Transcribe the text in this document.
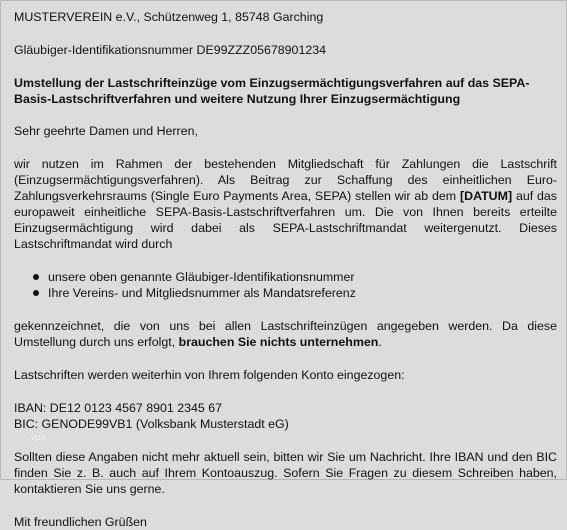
MUSTERVEREIN e.V., Schützenweg 1, 85748 Garching

Gläubiger-Identifikationsnummer DE99ZZZ05678901234

Umstellung der Lastschrifteinzüge vom Einzugsermächtigungsverfahren auf das SEPA-Basis-Lastschriftverfahren und weitere Nutzung Ihrer Einzugsermächtigung

Sehr geehrte Damen und Herren,

wir nutzen im Rahmen der bestehenden Mitgliedschaft für Zahlungen die Lastschrift (Einzugsermächtigungsverfahren). Als Beitrag zur Schaffung des einheitlichen Euro-Zahlungsverkehrsraums (Single Euro Payments Area, SEPA) stellen wir ab dem [DATUM] auf das europaweit einheitliche SEPA-Basis-Lastschriftverfahren um. Die von Ihnen bereits erteilte Einzugsermächtigung wird dabei als SEPA-Lastschriftmandat weitergenutzt. Dieses Lastschriftmandat wird durch

unsere oben genannte Gläubiger-Identifikationsnummer
Ihre Vereins- und Mitgliedsnummer als Mandatsreferenz

gekennzeichnet, die von uns bei allen Lastschrifteinzügen angegeben werden. Da diese Umstellung durch uns erfolgt, brauchen Sie nichts unternehmen.

Lastschriften werden weiterhin von Ihrem folgenden Konto eingezogen:

IBAN: DE12 0123 4567 8901 2345 67

BIC: GENODE99VB1 (Volksbank Musterstadt eG)

Sollten diese Angaben nicht mehr aktuell sein, bitten wir Sie um Nachricht. Ihre IBAN und den BIC finden Sie z. B. auch auf Ihrem Kontoauszug. Sofern Sie Fragen zu diesem Schreiben haben, kontaktieren Sie uns gerne.

Mit freundlichen Grüßen

vpa
